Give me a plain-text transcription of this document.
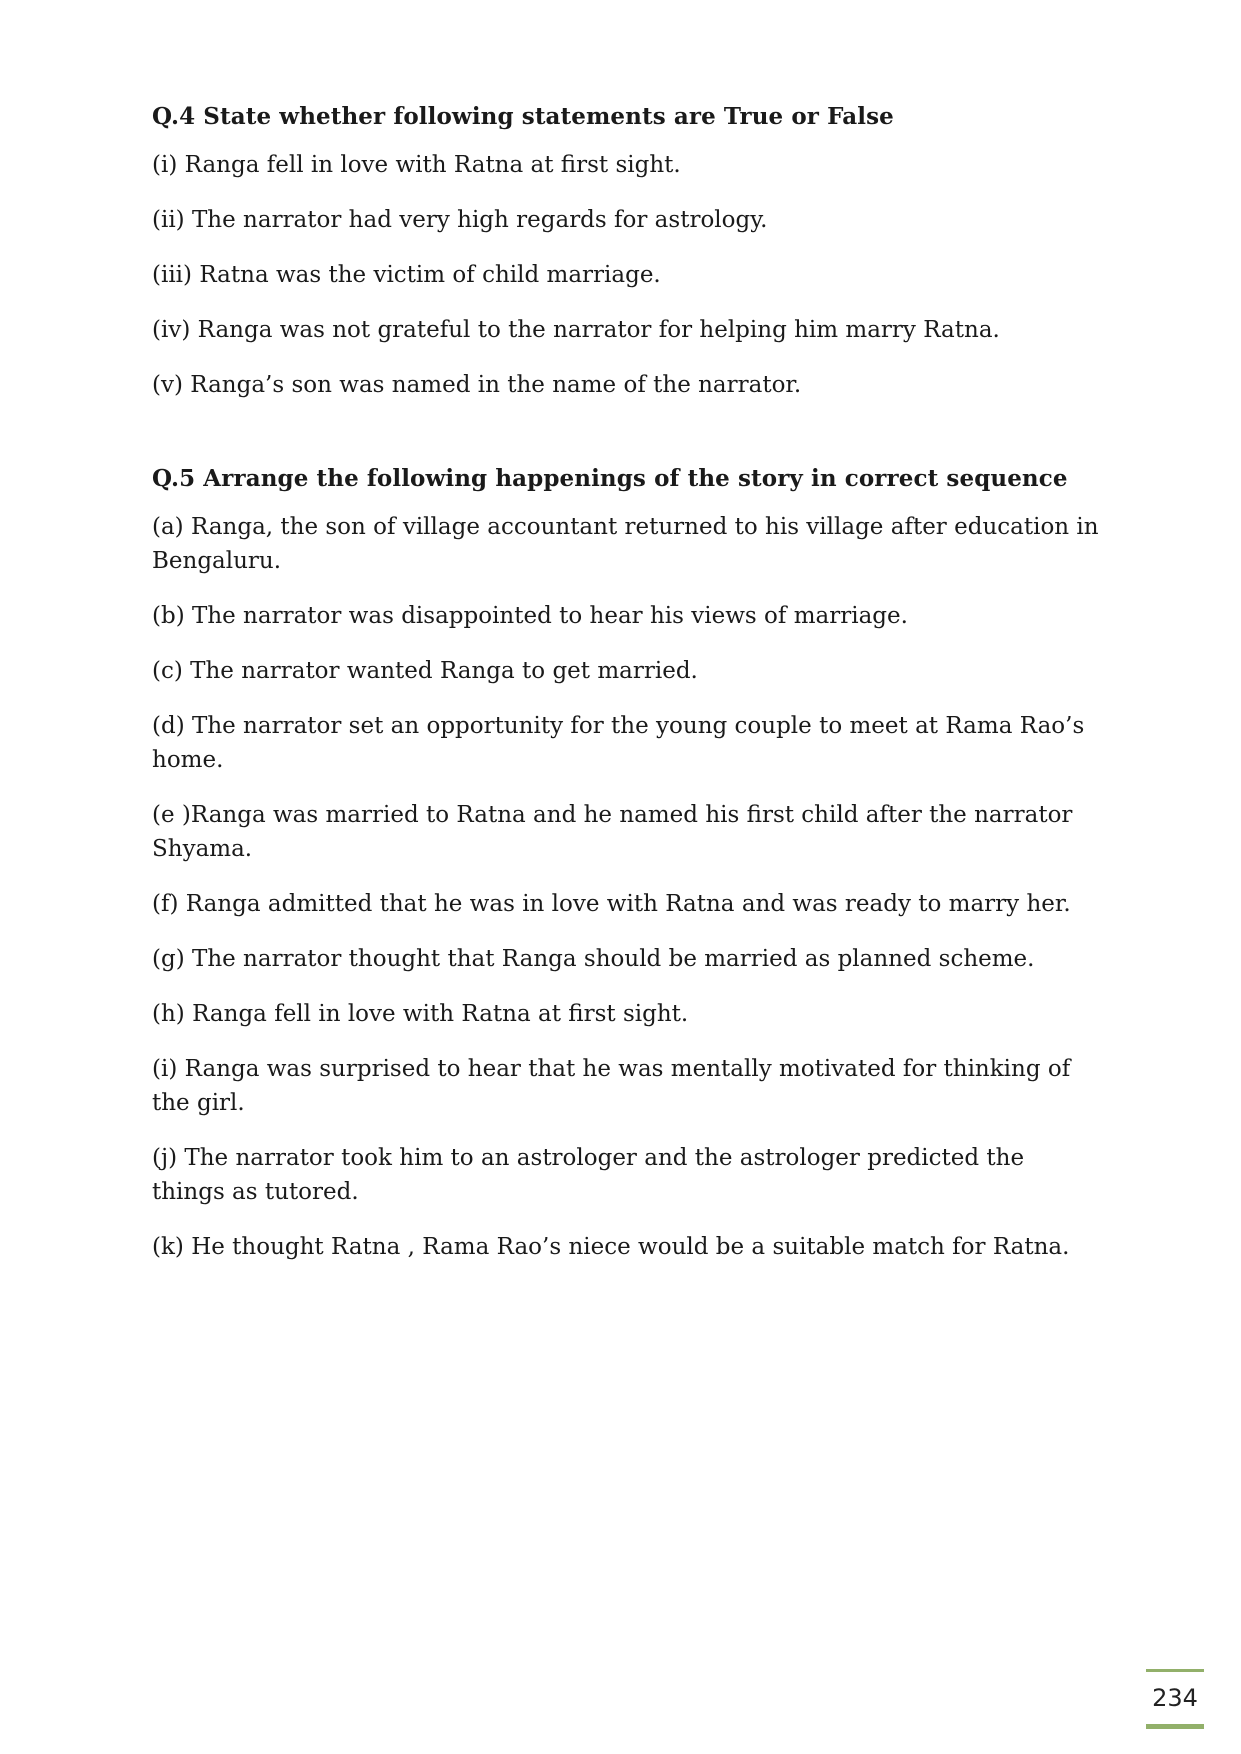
Q.4 State whether following statements are True or False

(i) Ranga fell in love with Ratna at first sight.

(ii) The narrator had very high regards for astrology.

(iii) Ratna was the victim of child marriage.

(iv) Ranga was not grateful to the narrator for helping him marry Ratna.

(v) Ranga’s son was named in the name of the narrator.

Q.5 Arrange the following happenings of the story in correct sequence

(a) Ranga, the son of village accountant returned to his village after education in Bengaluru.

(b) The narrator was disappointed to hear his views of marriage.

(c) The narrator wanted Ranga to get married.

(d) The narrator set an opportunity for the young couple to meet at Rama Rao’s home.

(e )Ranga was married to Ratna and he named his first child after the narrator Shyama.

(f) Ranga admitted that he was in love with Ratna and was ready to marry her.

(g) The narrator thought that Ranga should be married as planned scheme.

(h) Ranga fell in love with Ratna at first sight.

(i) Ranga was surprised to hear that he was mentally motivated for thinking of the girl.

(j) The narrator took him to an astrologer and the astrologer predicted the things as tutored.

(k) He thought Ratna , Rama Rao’s niece would be a suitable match for Ratna.

234
